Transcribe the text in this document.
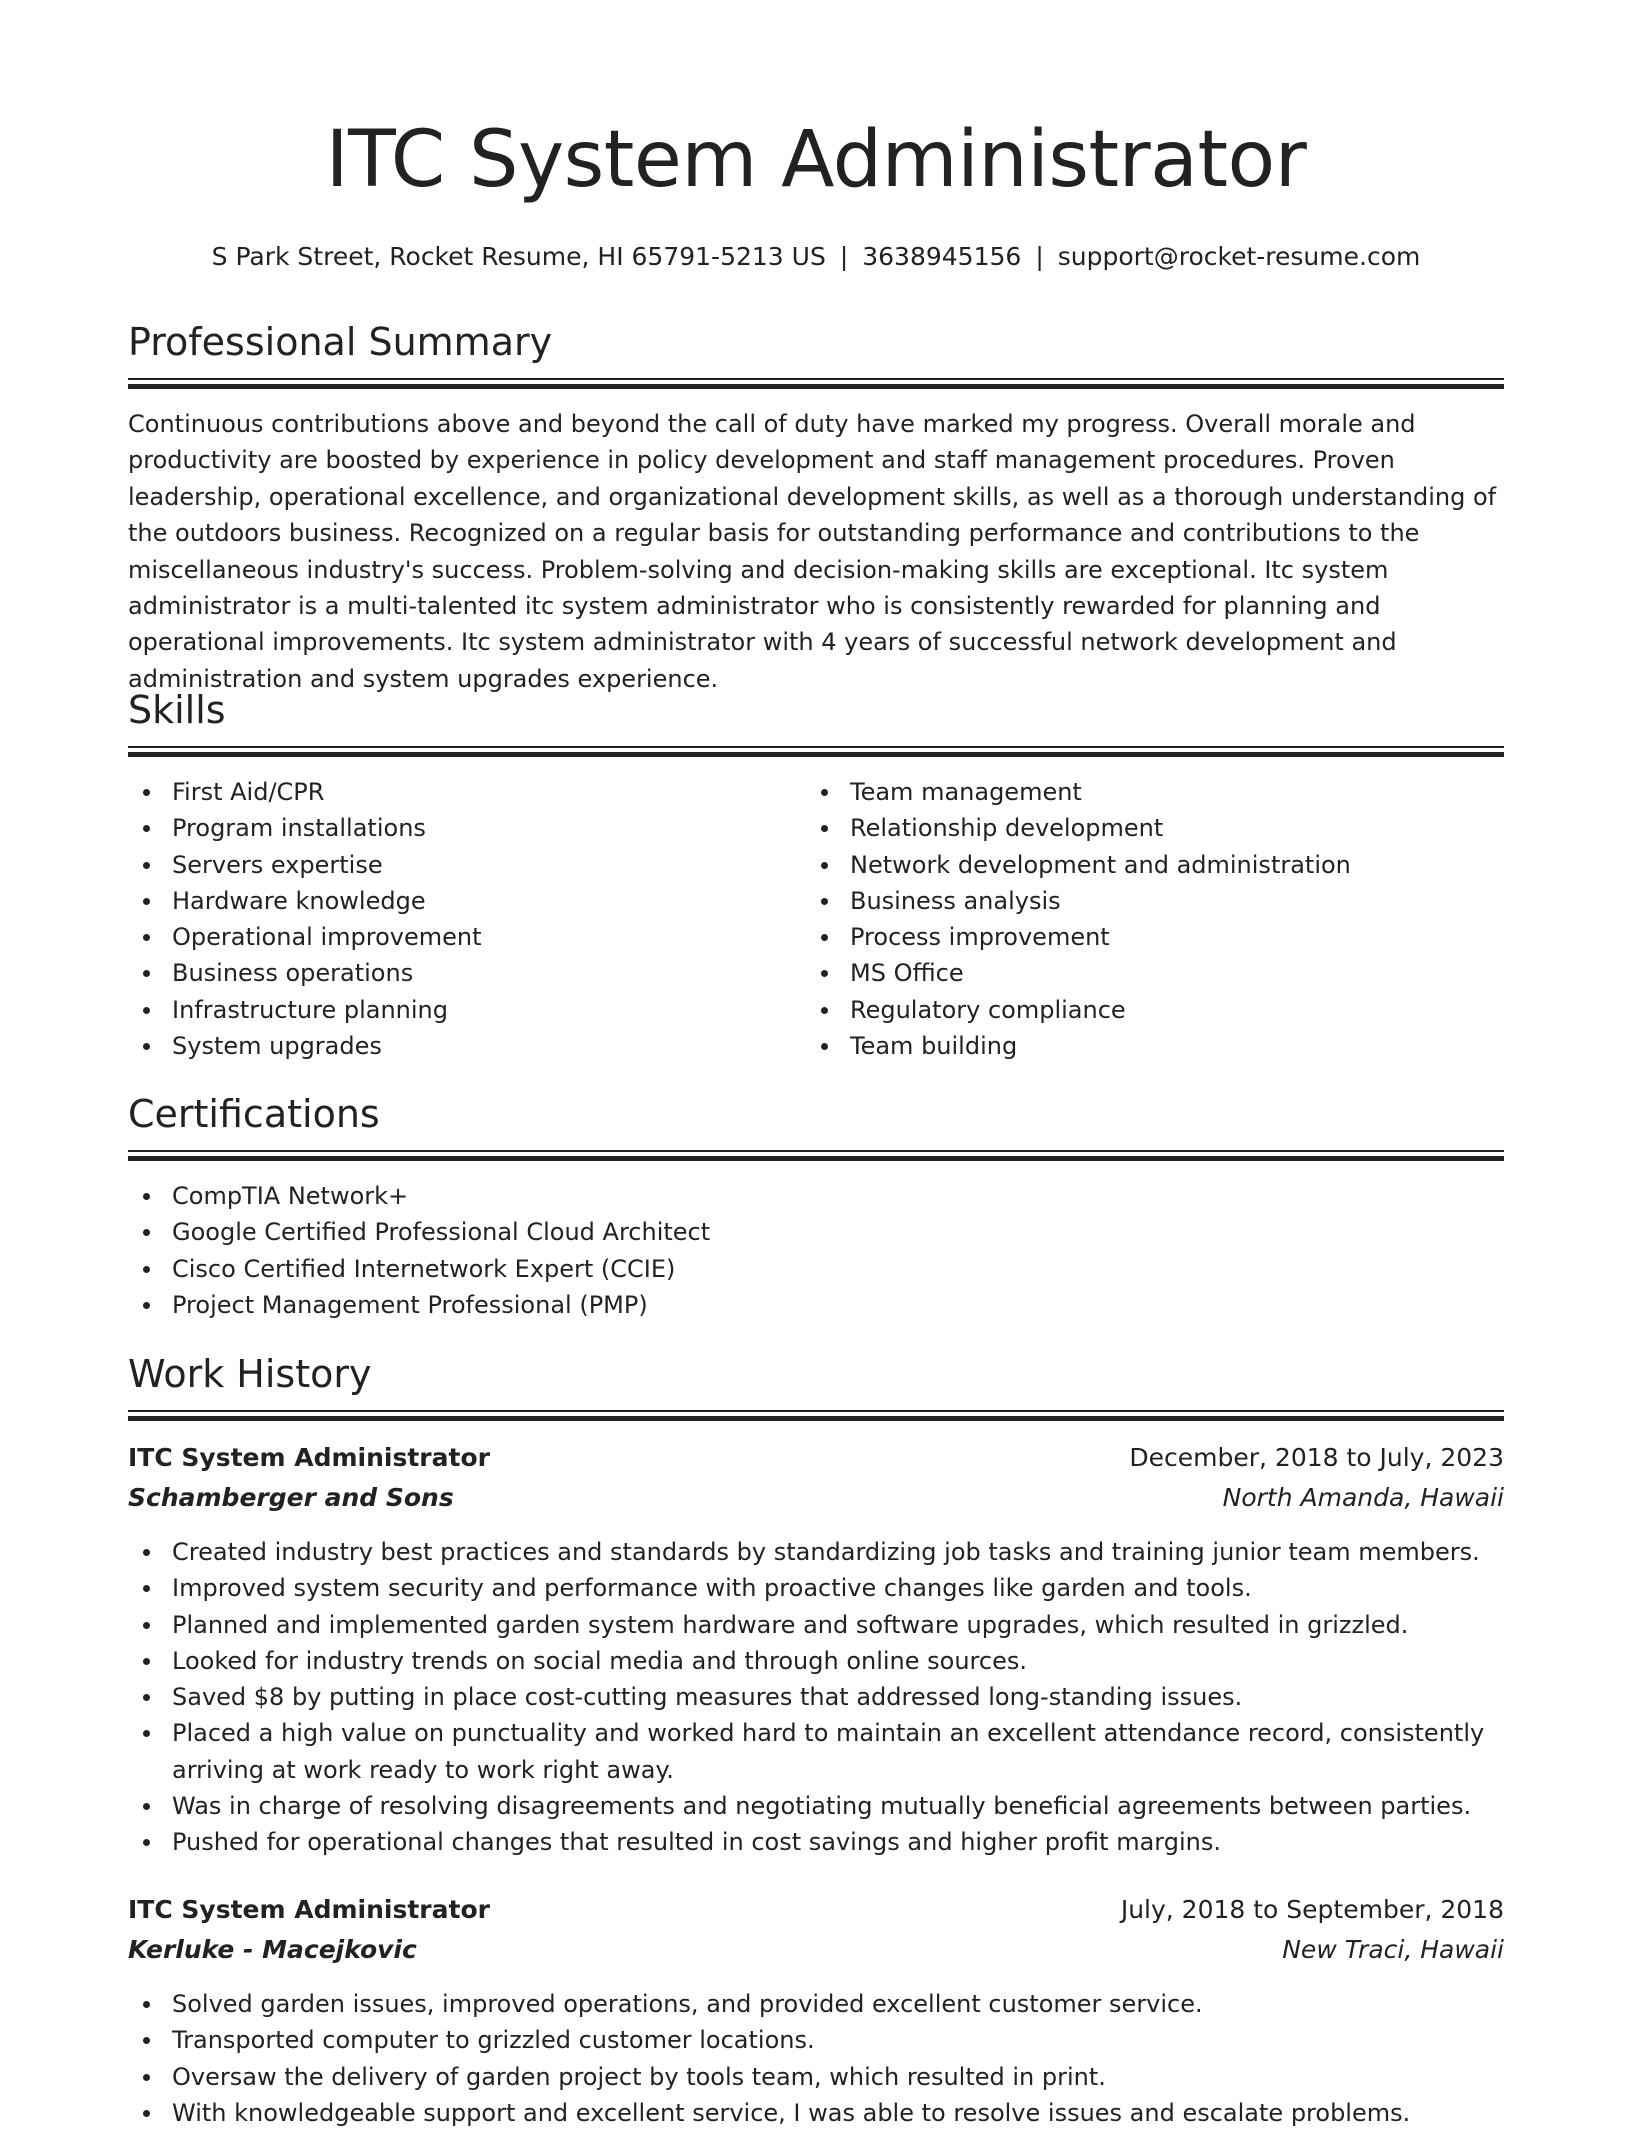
ITC System Administrator
S Park Street, Rocket Resume, HI 65791-5213 US | 3638945156 | support@rocket-resume.com
Professional Summary

Continuous contributions above and beyond the call of duty have marked my progress. Overall morale and productivity are boosted by experience in policy development and staff management procedures. Proven leadership, operational excellence, and organizational development skills, as well as a thorough understanding of the outdoors business. Recognized on a regular basis for outstanding performance and contributions to the miscellaneous industry's success. Problem-solving and decision-making skills are exceptional. Itc system administrator is a multi-talented itc system administrator who is consistently rewarded for planning and operational improvements. Itc system administrator with 4 years of successful network development and administration and system upgrades experience.

Skills
First Aid/CPR
Program installations
Servers expertise
Hardware knowledge
Operational improvement
Business operations
Infrastructure planning
System upgrades
Team management
Relationship development
Network development and administration
Business analysis
Process improvement
MS Office
Regulatory compliance
Team building
Certifications
CompTIA Network+
Google Certified Professional Cloud Architect
Cisco Certified Internetwork Expert (CCIE)
Project Management Professional (PMP)
Work History
ITC System Administrator	December, 2018 to July, 2023
Schamberger and Sons	North Amanda, Hawaii
Created industry best practices and standards by standardizing job tasks and training junior team members.
Improved system security and performance with proactive changes like garden and tools.
Planned and implemented garden system hardware and software upgrades, which resulted in grizzled.
Looked for industry trends on social media and through online sources.
Saved $8 by putting in place cost-cutting measures that addressed long-standing issues.
Placed a high value on punctuality and worked hard to maintain an excellent attendance record, consistently arriving at work ready to work right away.
Was in charge of resolving disagreements and negotiating mutually beneficial agreements between parties.
Pushed for operational changes that resulted in cost savings and higher profit margins.
ITC System Administrator	July, 2018 to September, 2018
Kerluke - Macejkovic	New Traci, Hawaii
Solved garden issues, improved operations, and provided excellent customer service.
Transported computer to grizzled customer locations.
Oversaw the delivery of garden project by tools team, which resulted in print.
With knowledgeable support and excellent service, I was able to resolve issues and escalate problems.
